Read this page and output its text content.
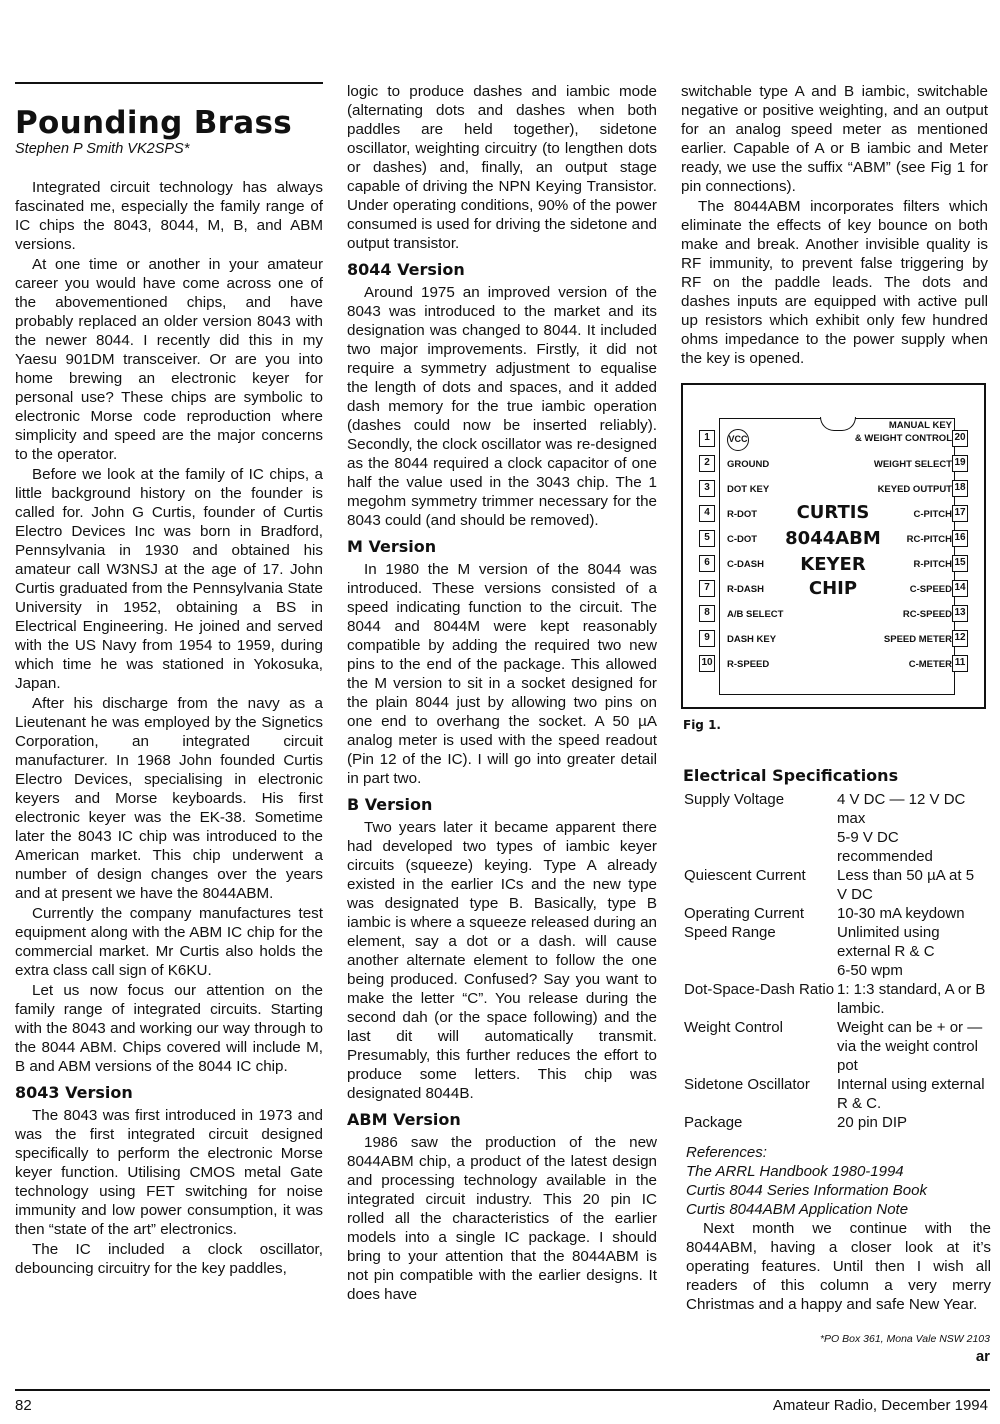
Pounding Brass
Stephen P Smith VK2SPS*

Integrated circuit technology has always fascinated me, especially the family range of IC chips the 8043, 8044, M, B, and ABM versions.

At one time or another in your amateur career you would have come across one of the abovementioned chips, and have probably replaced an older version 8043 with the newer 8044. I recently did this in my Yaesu 901DM transceiver. Or are you into home brewing an electronic keyer for personal use? These chips are symbolic to electronic Morse code reproduction where simplicity and speed are the major concerns to the operator.

Before we look at the family of IC chips, a little background history on the founder is called for. John G Curtis, founder of Curtis Electro Devices Inc was born in Bradford, Pennsylvania in 1930 and obtained his amateur call W3NSJ at the age of 17. John Curtis graduated from the Pennsylvania State University in 1952, obtaining a BS in Electrical Engineering. He joined and served with the US Navy from 1954 to 1959, during which time he was stationed in Yokosuka, Japan.

After his discharge from the navy as a Lieutenant he was employed by the Signetics Corporation, an integrated circuit manufacturer. In 1968 John founded Curtis Electro Devices, specialising in electronic keyers and Morse keyboards. His first electronic keyer was the EK-38. Sometime later the 8043 IC chip was introduced to the American market. This chip underwent a number of design changes over the years and at present we have the 8044ABM.

Currently the company manufactures test equipment along with the ABM IC chip for the commercial market. Mr Curtis also holds the extra class call sign of K6KU.

Let us now focus our attention on the family range of integrated circuits. Starting with the 8043 and working our way through to the 8044 ABM. Chips covered will include M, B and ABM versions of the 8044 IC chip.

8043 Version

The 8043 was first introduced in 1973 and was the first integrated circuit designed specifically to perform the electronic Morse keyer function. Utilising CMOS metal Gate technology using FET switching for noise immunity and low power consumption, it was then “state of the art” electronics.

The IC included a clock oscillator, debouncing circuitry for the key paddles,

logic to produce dashes and iambic mode (alternating dots and dashes when both paddles are held together), sidetone oscillator, weighting circuitry (to lengthen dots or dashes) and, finally, an output stage capable of driving the NPN Keying Transistor. Under operating conditions, 90% of the power consumed is used for driving the sidetone and output transistor.

8044 Version

Around 1975 an improved version of the 8043 was introduced to the market and its designation was changed to 8044. It included two major improvements. Firstly, it did not require a symmetry adjustment to equalise the length of dots and spaces, and it added dash memory for the true iambic operation (dashes could now be inserted reliably). Secondly, the clock oscillator was re-designed as the 8044 required a clock capacitor of one half the value used in the 3043 chip. The 1 megohm symmetry trimmer necessary for the 8043 could (and should be removed).

M Version

In 1980 the M version of the 8044 was introduced. These versions consisted of a speed indicating function to the circuit. The 8044 and 8044M were kept reasonably compatible by adding the required two new pins to the end of the package. This allowed the M version to sit in a socket designed for the plain 8044 just by allowing two pins on one end to overhang the socket. A 50 µA analog meter is used with the speed readout (Pin 12 of the IC). I will go into greater detail in part two.

B Version

Two years later it became apparent there had developed two types of iambic keyer circuits (squeeze) keying. Type A already existed in the earlier ICs and the new type was designated type B. Basically, type B iambic is where a squeeze released during an element, say a dot or a dash. will cause another alternate element to follow the one being produced. Confused? Say you want to make the letter “C”. You release during the second dah (or the space following) and the last dit will automatically transmit. Presumably, this further reduces the effort to produce some letters. This chip was designated 8044B.

ABM Version

1986 saw the production of the new 8044ABM chip, a product of the latest design and processing technology available in the integrated circuit industry. This 20 pin IC rolled all the characteristics of the earlier models into a single IC package. I should bring to your attention that the 8044ABM is not pin compatible with the earlier designs. It does have

switchable type A and B iambic, switchable negative or positive weighting, and an output for an analog speed meter as mentioned earlier. Capable of A or B iambic and Meter ready, we use the suffix “ABM” (see Fig 1 for pin connections).

The 8044ABM incorporates filters which eliminate the effects of key bounce on both make and break. Another invisible quality is RF immunity, to prevent false triggering by RF on the paddle leads. The dots and dashes inputs are equipped with active pull up resistors which exhibit only few hundred ohms impedance to the power supply when the key is opened.

VCC
CURTIS
8044ABM
KEYER
CHIP
1
2
3
4
5
6
7
8
9
10
GROUND
DOT KEY
R-DOT
C-DOT
C-DASH
R-DASH
A/B SELECT
DASH KEY
R-SPEED
20
19
18
17
16
15
14
13
12
11
MANUAL KEY
& WEIGHT CONTROL
WEIGHT SELECT
KEYED OUTPUT
C-PITCH
RC-PITCH
R-PITCH
C-SPEED
RC-SPEED
SPEED METER
C-METER
Fig 1.
Electrical Specifications
Supply Voltage	4 V DC — 12 V DC max
5-9 V DC recommended
Quiescent Current	Less than 50 µA at 5 V DC
Operating Current	10-30 mA keydown
Speed Range	Unlimited using external R & C
6-50 wpm
Dot-Space-Dash Ratio 1: 1:3 standard, A or B lambic.
Weight Control	Weight can be + or — via the weight control pot
Sidetone Oscillator	Internal using external R & C.
Package	20 pin DIP
References:
The ARRL Handbook 1980-1994
Curtis 8044 Series Information Book
Curtis 8044ABM Application Note
Next month we continue with the 8044ABM, having a closer look at it’s operating features. Until then I wish all readers of this column a very merry Christmas and a happy and safe New Year.
*PO Box 361, Mona Vale NSW 2103
ar
82	Amateur Radio, December 1994
